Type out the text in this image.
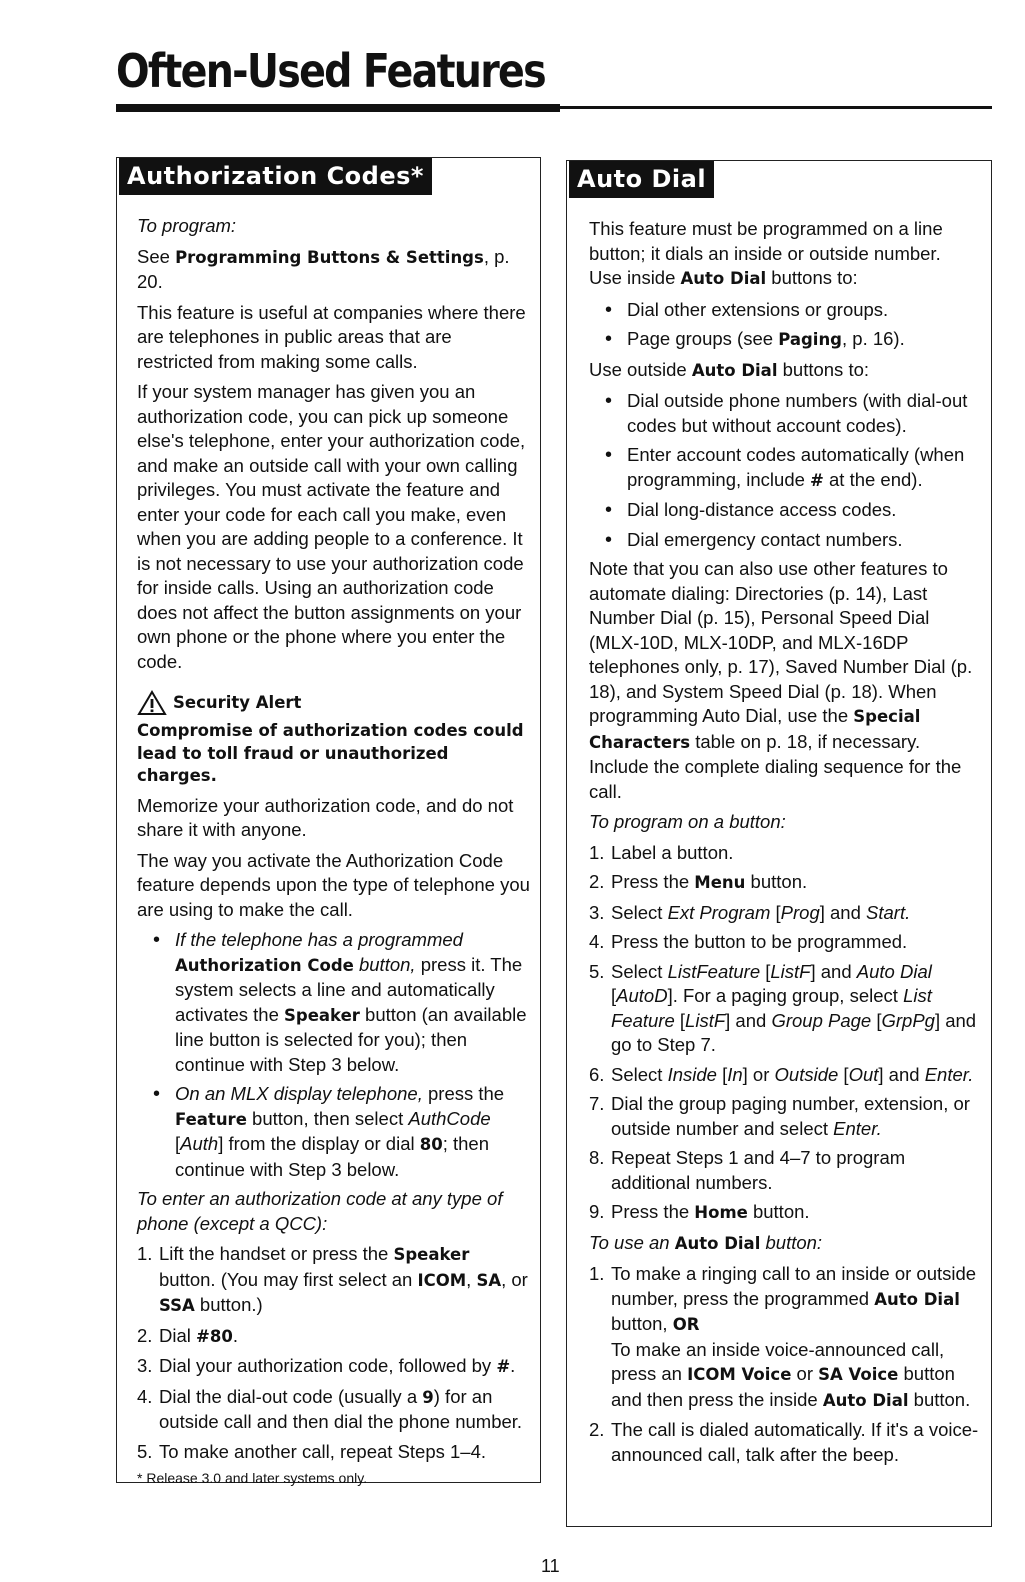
Often-Used Features
Authorization Codes*

To program:

See Programming Buttons & Settings, p. 20.

This feature is useful at companies where there are telephones in public areas that are restricted from making some calls.

If your system manager has given you an authorization code, you can pick up someone else's telephone, enter your authorization code, and make an outside call with your own calling privileges. You must activate the feature and enter your code for each call you make, even when you are adding people to a conference. It is not necessary to use your authorization code for inside calls. Using an authorization code does not affect the button assignments on your own phone or the phone where you enter the code.

Security Alert

Compromise of authorization codes could lead to toll fraud or unauthorized charges.

Memorize your authorization code, and do not share it with anyone.

The way you activate the Authorization Code feature depends upon the type of telephone you are using to make the call.

• If the telephone has a programmed Authorization Code button, press it. The system selects a line and automatically activates the Speaker button (an available line button is selected for you); then continue with Step 3 below.
• On an MLX display telephone, press the Feature button, then select AuthCode [Auth] from the display or dial 80; then continue with Step 3 below.

To enter an authorization code at any type of phone (except a QCC):

1. Lift the handset or press the Speaker button. (You may first select an ICOM, SA, or SSA button.)
2. Dial #80.
3. Dial your authorization code, followed by #.
4. Dial the dial-out code (usually a 9) for an outside call and then dial the phone number.
5. To make another call, repeat Steps 1–4.

* Release 3.0 and later systems only.

Auto Dial

This feature must be programmed on a line button; it dials an inside or outside number.

Use inside Auto Dial buttons to:

• Dial other extensions or groups.
• Page groups (see Paging, p. 16).

Use outside Auto Dial buttons to:

• Dial outside phone numbers (with dial-out codes but without account codes).
• Enter account codes automatically (when programming, include # at the end).
• Dial long-distance access codes.
• Dial emergency contact numbers.

Note that you can also use other features to automate dialing: Directories (p. 14), Last Number Dial (p. 15), Personal Speed Dial (MLX-10D, MLX-10DP, and MLX-16DP telephones only, p. 17), Saved Number Dial (p. 18), and System Speed Dial (p. 18). When programming Auto Dial, use the Special Characters table on p. 18, if necessary. Include the complete dialing sequence for the call.

To program on a button:

1. Label a button.
2. Press the Menu button.
3. Select Ext Program [Prog] and Start.
4. Press the button to be programmed.
5. Select ListFeature [ListF] and Auto Dial [AutoD]. For a paging group, select List Feature [ListF] and Group Page [GrpPg] and go to Step 7.
6. Select Inside [In] or Outside [Out] and Enter.
7. Dial the group paging number, extension, or outside number and select Enter.
8. Repeat Steps 1 and 4–7 to program additional numbers.
9. Press the Home button.

To use an Auto Dial button:

1. To make a ringing call to an inside or outside number, press the programmed Auto Dial button, OR
To make an inside voice-announced call, press an ICOM Voice or SA Voice button and then press the inside Auto Dial button.
2. The call is dialed automatically. If it's a voice-announced call, talk after the beep.
11
